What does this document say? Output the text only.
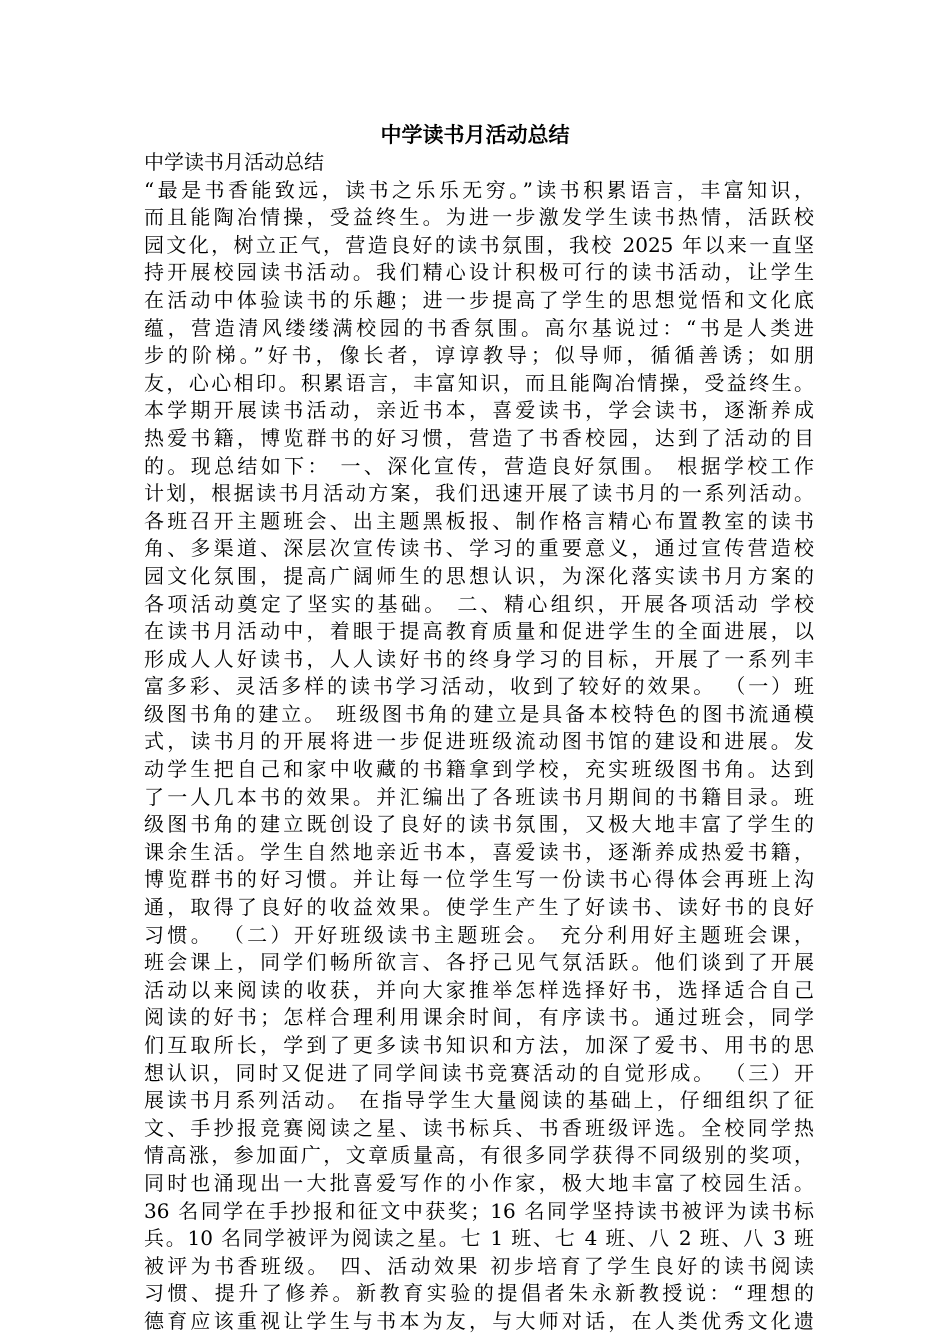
中学读书月活动总结
中学读书月活动总结
“最是书香能致远，读书之乐乐无穷。”读书积累语言，丰富知识，
而且能陶冶情操，受益终生。为进一步激发学生读书热情，活跃校
园文化，树立正气，营造良好的读书氛围，我校 2025 年以来一直坚
持开展校园读书活动。我们精心设计积极可行的读书活动，让学生
在活动中体验读书的乐趣；进一步提高了学生的思想觉悟和文化底
蕴，营造清风缕缕满校园的书香氛围。高尔基说过：“书是人类进
步的阶梯。”好书，像长者，谆谆教导；似导师，循循善诱；如朋
友，心心相印。积累语言，丰富知识，而且能陶冶情操，受益终生。
本学期开展读书活动，亲近书本，喜爱读书，学会读书，逐渐养成
热爱书籍，博览群书的好习惯，营造了书香校园，达到了活动的目
的。现总结如下： 一、深化宣传，营造良好氛围。 根据学校工作
计划，根据读书月活动方案，我们迅速开展了读书月的一系列活动。
各班召开主题班会、出主题黑板报、制作格言精心布置教室的读书
角、多渠道、深层次宣传读书、学习的重要意义，通过宣传营造校
园文化氛围，提高广阔师生的思想认识，为深化落实读书月方案的
各项活动奠定了坚实的基础。 二、精心组织，开展各项活动 学校
在读书月活动中，着眼于提高教育质量和促进学生的全面进展，以
形成人人好读书，人人读好书的终身学习的目标，开展了一系列丰
富多彩、灵活多样的读书学习活动，收到了较好的效果。 （一）班
级图书角的建立。 班级图书角的建立是具备本校特色的图书流通模
式，读书月的开展将进一步促进班级流动图书馆的建设和进展。发
动学生把自己和家中收藏的书籍拿到学校，充实班级图书角。达到
了一人几本书的效果。并汇编出了各班读书月期间的书籍目录。班
级图书角的建立既创设了良好的读书氛围，又极大地丰富了学生的
课余生活。学生自然地亲近书本，喜爱读书，逐渐养成热爱书籍，
博览群书的好习惯。并让每一位学生写一份读书心得体会再班上沟
通，取得了良好的收益效果。使学生产生了好读书、读好书的良好
习惯。 （二）开好班级读书主题班会。 充分利用好主题班会课，
班会课上，同学们畅所欲言、各抒己见气氛活跃。他们谈到了开展
活动以来阅读的收获，并向大家推举怎样选择好书，选择适合自己
阅读的好书；怎样合理利用课余时间，有序读书。通过班会，同学
们互取所长，学到了更多读书知识和方法，加深了爱书、用书的思
想认识，同时又促进了同学间读书竞赛活动的自觉形成。 （三）开
展读书月系列活动。 在指导学生大量阅读的基础上，仔细组织了征
文、手抄报竞赛阅读之星、读书标兵、书香班级评选。全校同学热
情高涨，参加面广，文章质量高，有很多同学获得不同级别的奖项，
同时也涌现出一大批喜爱写作的小作家，极大地丰富了校园生活。
36 名同学在手抄报和征文中获奖；16 名同学坚持读书被评为读书标
兵。10 名同学被评为阅读之星。七 1 班、七 4 班、八 2 班、八 3 班
被评为书香班级。 四、活动效果 初步培育了学生良好的读书阅读
习惯、提升了修养。新教育实验的提倡者朱永新教授说：“理想的
德育应该重视让学生与书本为友，与大师对话，在人类优秀文化遗
